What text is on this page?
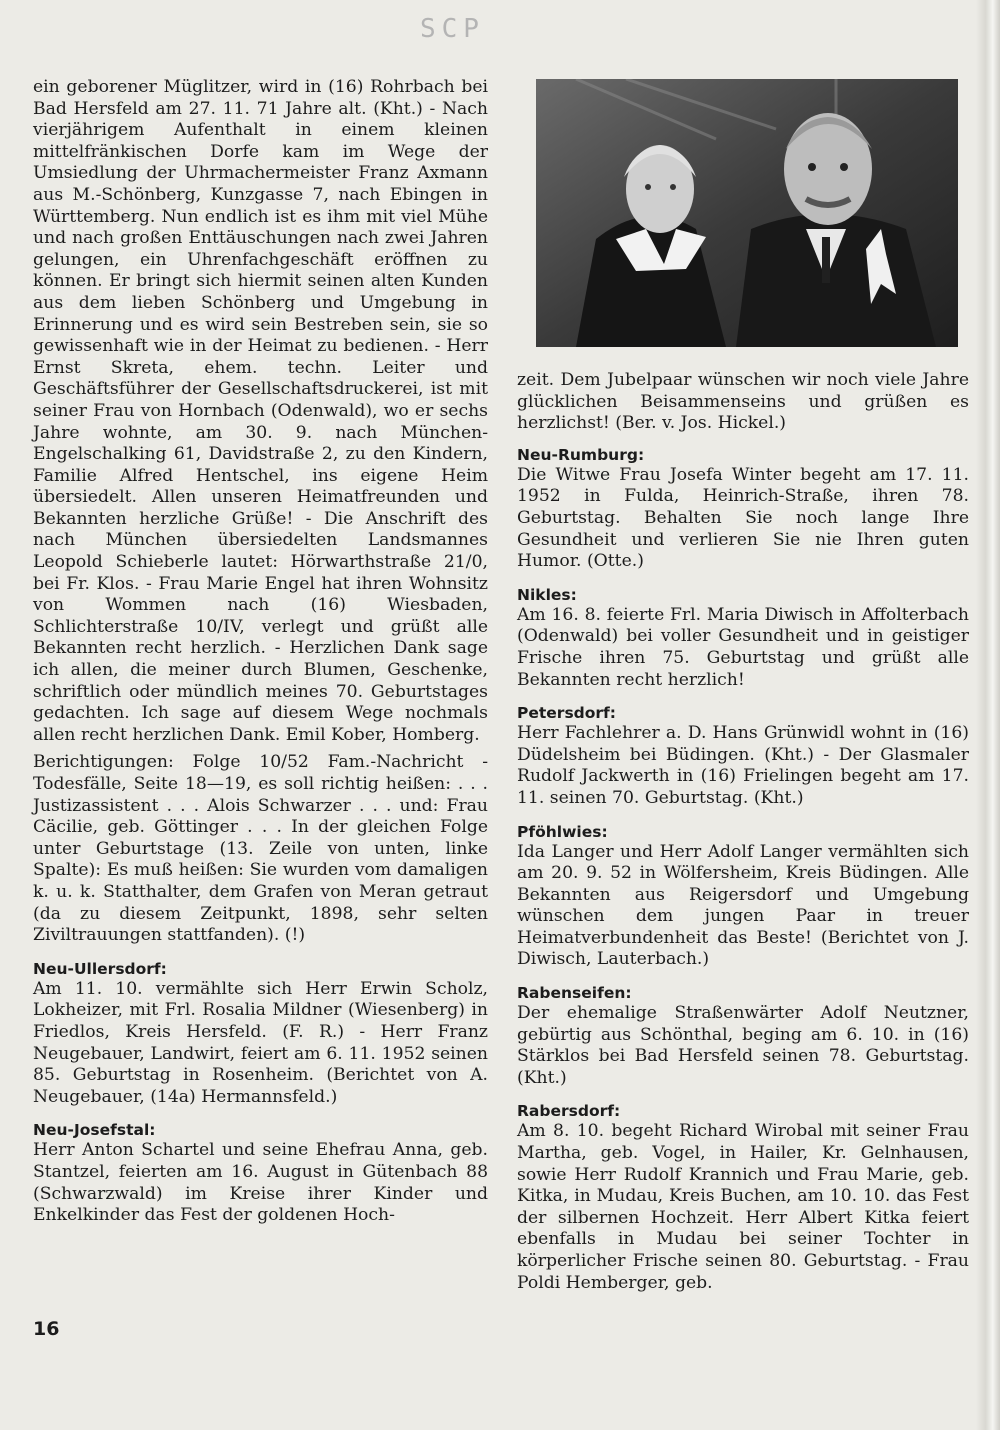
SCP

ein geborener Müglitzer, wird in (16) Rohrbach bei Bad Hersfeld am 27. 11. 71 Jahre alt. (Kht.) - Nach vierjährigem Aufenthalt in einem kleinen mittelfränkischen Dorfe kam im Wege der Umsiedlung der Uhrmachermeister Franz Axmann aus M.-Schönberg, Kunzgasse 7, nach Ebingen in Württemberg. Nun endlich ist es ihm mit viel Mühe und nach großen Enttäuschungen nach zwei Jahren gelungen, ein Uhrenfachgeschäft eröffnen zu können. Er bringt sich hiermit seinen alten Kunden aus dem lieben Schönberg und Umgebung in Erinnerung und es wird sein Bestreben sein, sie so gewissenhaft wie in der Heimat zu bedienen. - Herr Ernst Skreta, ehem. techn. Leiter und Geschäftsführer der Gesellschaftsdruckerei, ist mit seiner Frau von Hornbach (Odenwald), wo er sechs Jahre wohnte, am 30. 9. nach München-Engelschalking 61, Davidstraße 2, zu den Kindern, Familie Alfred Hentschel, ins eigene Heim übersiedelt. Allen unseren Heimatfreunden und Bekannten herzliche Grüße! - Die Anschrift des nach München übersiedelten Landsmannes Leopold Schieberle lautet: Hörwarthstraße 21/0, bei Fr. Klos. - Frau Marie Engel hat ihren Wohnsitz von Wommen nach (16) Wiesbaden, Schlichterstraße 10/IV, verlegt und grüßt alle Bekannten recht herzlich. - Herzlichen Dank sage ich allen, die meiner durch Blumen, Geschenke, schriftlich oder mündlich meines 70. Geburtstages gedachten. Ich sage auf diesem Wege nochmals allen recht herzlichen Dank. Emil Kober, Homberg.

Berichtigungen: Folge 10/52 Fam.-Nachricht - Todesfälle, Seite 18—19, es soll richtig heißen: . . . Justizassistent . . . Alois Schwarzer . . . und: Frau Cäcilie, geb. Göttinger . . . In der gleichen Folge unter Geburtstage (13. Zeile von unten, linke Spalte): Es muß heißen: Sie wurden vom damaligen k. u. k. Statthalter, dem Grafen von Meran getraut (da zu diesem Zeitpunkt, 1898, sehr selten Ziviltrauungen stattfanden). (!)

Neu-Ullersdorf:

Am 11. 10. vermählte sich Herr Erwin Scholz, Lokheizer, mit Frl. Rosalia Mildner (Wiesenberg) in Friedlos, Kreis Hersfeld. (F. R.) - Herr Franz Neugebauer, Landwirt, feiert am 6. 11. 1952 seinen 85. Geburtstag in Rosenheim. (Berichtet von A. Neugebauer, (14a) Hermannsfeld.)

Neu-Josefstal:

Herr Anton Schartel und seine Ehefrau Anna, geb. Stantzel, feierten am 16. August in Gütenbach 88 (Schwarzwald) im Kreise ihrer Kinder und Enkelkinder das Fest der goldenen Hoch-

zeit. Dem Jubelpaar wünschen wir noch viele Jahre glücklichen Beisammenseins und grüßen es herzlichst! (Ber. v. Jos. Hickel.)

Neu-Rumburg:

Die Witwe Frau Josefa Winter begeht am 17. 11. 1952 in Fulda, Heinrich-Straße, ihren 78. Geburtstag. Behalten Sie noch lange Ihre Gesundheit und verlieren Sie nie Ihren guten Humor. (Otte.)

Nikles:

Am 16. 8. feierte Frl. Maria Diwisch in Affolterbach (Odenwald) bei voller Gesundheit und in geistiger Frische ihren 75. Geburtstag und grüßt alle Bekannten recht herzlich!

Petersdorf:

Herr Fachlehrer a. D. Hans Grünwidl wohnt in (16) Düdelsheim bei Büdingen. (Kht.) - Der Glasmaler Rudolf Jackwerth in (16) Frielingen begeht am 17. 11. seinen 70. Geburtstag. (Kht.)

Pföhlwies:

Ida Langer und Herr Adolf Langer vermählten sich am 20. 9. 52 in Wölfersheim, Kreis Büdingen. Alle Bekannten aus Reigersdorf und Umgebung wünschen dem jungen Paar in treuer Heimatverbundenheit das Beste! (Berichtet von J. Diwisch, Lauterbach.)

Rabenseifen:

Der ehemalige Straßenwärter Adolf Neutzner, gebürtig aus Schönthal, beging am 6. 10. in (16) Stärklos bei Bad Hersfeld seinen 78. Geburtstag. (Kht.)

Rabersdorf:

Am 8. 10. begeht Richard Wirobal mit seiner Frau Martha, geb. Vogel, in Hailer, Kr. Gelnhausen, sowie Herr Rudolf Krannich und Frau Marie, geb. Kitka, in Mudau, Kreis Buchen, am 10. 10. das Fest der silbernen Hochzeit. Herr Albert Kitka feiert ebenfalls in Mudau bei seiner Tochter in körperlicher Frische seinen 80. Geburtstag. - Frau Poldi Hemberger, geb.

16
